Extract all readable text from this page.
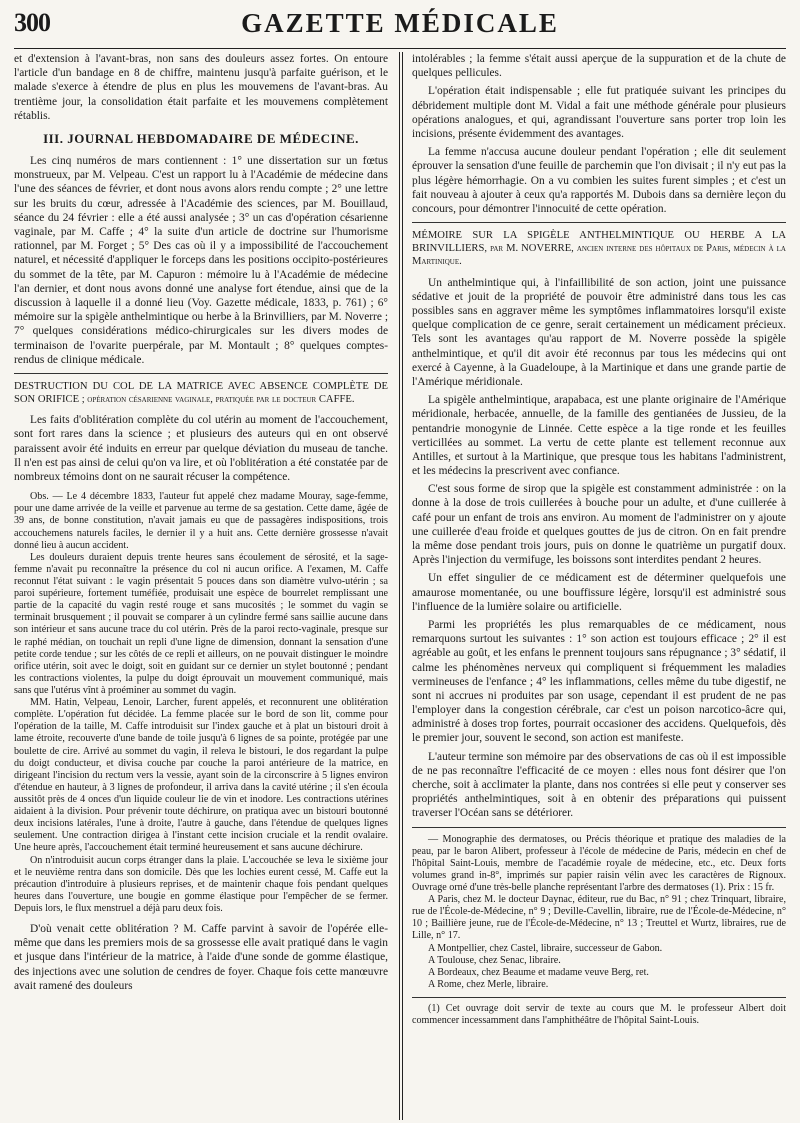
300	GAZETTE MÉDICALE

et d'extension à l'avant-bras, non sans des douleurs assez fortes. On entoure l'article d'un bandage en 8 de chiffre, maintenu jusqu'à parfaite guérison, et le malade s'exerce à étendre de plus en plus les mouvemens de l'avant-bras. Au trentième jour, la consolidation était parfaite et les mouvemens complètement rétablis.

III. JOURNAL HEBDOMADAIRE DE MÉDECINE.

Les cinq numéros de mars contiennent : 1° une dissertation sur un fœtus monstrueux, par M. Velpeau. C'est un rapport lu à l'Académie de médecine dans l'une des séances de février, et dont nous avons alors rendu compte ; 2° une lettre sur les bruits du cœur, adressée à l'Académie des sciences, par M. Bouillaud, séance du 24 février : elle a été aussi analysée ; 3° un cas d'opération césarienne vaginale, par M. Caffe ; 4° la suite d'un article de doctrine sur l'humorisme rationnel, par M. Forget ; 5° Des cas où il y a impossibilité de l'accouchement naturel, et nécessité d'appliquer le forceps dans les positions occipito-postérieures du sommet de la tête, par M. Capuron : mémoire lu à l'Académie de médecine l'an dernier, et dont nous avons donné une analyse fort étendue, ainsi que de la discussion à laquelle il a donné lieu (Voy. Gazette médicale, 1833, p. 761) ; 6° mémoire sur la spigèle anthelmintique ou herbe à la Brinvilliers, par M. Noverre ; 7° quelques considérations médico-chirurgicales sur les divers modes de terminaison de l'ovarite puerpérale, par M. Montault ; 8° quelques comptes-rendus de clinique médicale.

DESTRUCTION DU COL DE LA MATRICE AVEC ABSENCE COMPLÈTE DE SON ORIFICE ; opération césarienne vaginale, pratiquée par le docteur CAFFE.

Les faits d'oblitération complète du col utérin au moment de l'accouchement, sont fort rares dans la science ; et plusieurs des auteurs qui en ont observé paraissent avoir été induits en erreur par quelque déviation du museau de tanche. Il n'en est pas ainsi de celui qu'on va lire, et où l'oblitération a été constatée par de nombreux témoins dont on ne saurait récuser la compétence.

Obs. — Le 4 décembre 1833, l'auteur fut appelé chez madame Mouray, sage-femme, pour une dame arrivée de la veille et parvenue au terme de sa gestation. Cette dame, âgée de 39 ans, de bonne constitution, n'avait jamais eu que de passagères indispositions, trois accouchemens naturels faciles, le dernier il y a huit ans. Cette dernière grossesse n'avait donné lieu à aucun accident.

Les douleurs duraient depuis trente heures sans écoulement de sérosité, et la sage-femme n'avait pu reconnaître la présence du col ni aucun orifice. A l'examen, M. Caffe reconnut l'état suivant : le vagin présentait 5 pouces dans son diamètre vulvo-utérin ; sa paroi supérieure, fortement tuméfiée, produisait une espèce de bourrelet remplissant une partie de la capacité du vagin resté rouge et sans mucosités ; le sommet du vagin se terminait brusquement ; il pouvait se comparer à un cylindre fermé sans saillie aucune dans son intérieur et sans aucune trace du col utérin. Près de la paroi recto-vaginale, presque sur le raphé médian, on touchait un repli d'une ligne de dimension, donnant la sensation d'une petite corde tendue ; sur les côtés de ce repli et ailleurs, on ne pouvait distinguer le moindre orifice utérin, soit avec le doigt, soit en guidant sur ce dernier un stylet boutonné ; pendant les contractions violentes, la pulpe du doigt éprouvait un mouvement communiqué, mais sans que l'utérus vînt à proéminer au sommet du vagin.

MM. Hatin, Velpeau, Lenoir, Larcher, furent appelés, et reconnurent une oblitération complète. L'opération fut décidée. La femme placée sur le bord de son lit, comme pour l'opération de la taille, M. Caffe introduisit sur l'index gauche et à plat un bistouri droit à lame étroite, recouverte d'une bande de toile jusqu'à 6 lignes de sa pointe, protégée par une boulette de cire. Arrivé au sommet du vagin, il releva le bistouri, le dos regardant la pulpe du doigt conducteur, et divisa couche par couche la paroi antérieure de la matrice, en dirigeant l'incision du rectum vers la vessie, ayant soin de la circonscrire à 5 lignes environ d'étendue en hauteur, à 3 lignes de profondeur, il arriva dans la cavité utérine ; il s'en écoula aussitôt près de 4 onces d'un liquide couleur lie de vin et inodore. Les contractions utérines aidaient à la division. Pour prévenir toute déchirure, on pratiqua avec un bistouri boutonné deux incisions latérales, l'une à droite, l'autre à gauche, dans l'étendue de quelques lignes seulement. Une contraction dirigea à l'instant cette incision cruciale et la rendit ovalaire. Une heure après, l'accouchement était terminé heureusement et sans aucune déchirure.

On n'introduisit aucun corps étranger dans la plaie. L'accouchée se leva le sixième jour et le neuvième rentra dans son domicile. Dès que les lochies eurent cessé, M. Caffe eut la précaution d'introduire à plusieurs reprises, et de maintenir chaque fois pendant quelques heures dans l'ouverture, une bougie en gomme élastique pour l'empêcher de se fermer. Depuis lors, le flux menstruel a déjà paru deux fois.

D'où venait cette oblitération ? M. Caffe parvint à savoir de l'opérée elle-même que dans les premiers mois de sa grossesse elle avait pratiqué dans le vagin et jusque dans l'intérieur de la matrice, à l'aide d'une sonde de gomme élastique, des injections avec une solution de cendres de foyer. Chaque fois cette manœuvre avait ramené des douleurs

intolérables ; la femme s'était aussi aperçue de la suppuration et de la chute de quelques pellicules.

L'opération était indispensable ; elle fut pratiquée suivant les principes du débridement multiple dont M. Vidal a fait une méthode générale pour plusieurs opérations analogues, et qui, agrandissant l'ouverture sans porter trop loin les incisions, présente évidemment des avantages.

La femme n'accusa aucune douleur pendant l'opération ; elle dit seulement éprouver la sensation d'une feuille de parchemin que l'on divisait ; il n'y eut pas la plus légère hémorrhagie. On a vu combien les suites furent simples ; et c'est un fait nouveau à ajouter à ceux qu'a rapportés M. Dubois dans sa dernière leçon du concours, pour démontrer l'innocuité de cette opération.

MÉMOIRE SUR LA SPIGÈLE ANTHELMINTIQUE OU HERBE A LA BRINVILLIERS, par M. NOVERRE, ancien interne des hôpitaux de Paris, médecin à la Martinique.

Un anthelmintique qui, à l'infaillibilité de son action, joint une puissance sédative et jouit de la propriété de pouvoir être administré dans tous les cas possibles sans en aggraver même les symptômes inflammatoires lorsqu'il existe quelque complication de ce genre, serait certainement un médicament précieux. Tels sont les avantages qu'au rapport de M. Noverre possède la spigèle anthelmintique, et qu'il dit avoir été reconnus par tous les médecins qui ont exercé à Cayenne, à la Guadeloupe, à la Martinique et dans une grande partie de l'Amérique méridionale.

La spigèle anthelmintique, arapabaca, est une plante originaire de l'Amérique méridionale, herbacée, annuelle, de la famille des gentianées de Jussieu, de la pentandrie monogynie de Linnée. Cette espèce a la tige ronde et les feuilles verticillées au sommet. La vertu de cette plante est tellement reconnue aux Antilles, et surtout à la Martinique, que presque tous les habitans l'administrent, et les médecins la prescrivent avec confiance.

C'est sous forme de sirop que la spigèle est constamment administrée : on la donne à la dose de trois cuillerées à bouche pour un adulte, et d'une cuillerée à café pour un enfant de trois ans environ. Au moment de l'administrer on y ajoute une cuillerée d'eau froide et quelques gouttes de jus de citron. On en fait prendre la même dose pendant trois jours, puis on donne le quatrième un purgatif doux. Après l'injection du vermifuge, les boissons sont interdites pendant 2 heures.

Un effet singulier de ce médicament est de déterminer quelquefois une amaurose momentanée, ou une bouffissure légère, lorsqu'il est administré sous l'influence de la lumière solaire ou artificielle.

Parmi les propriétés les plus remarquables de ce médicament, nous remarquons surtout les suivantes : 1° son action est toujours efficace ; 2° il est agréable au goût, et les enfans le prennent toujours sans répugnance ; 3° sédatif, il calme les phénomènes nerveux qui compliquent si fréquemment les maladies vermineuses de l'enfance ; 4° les inflammations, celles même du tube digestif, ne sont ni accrues ni produites par son usage, cependant il est prudent de ne pas l'employer dans la congestion cérébrale, car c'est un poison narcotico-âcre qui, administré à doses trop fortes, pourrait occasioner des accidens. Quelquefois, dès le premier jour, souvent le second, son action est manifeste.

L'auteur termine son mémoire par des observations de cas où il est impossible de ne pas reconnaître l'efficacité de ce moyen : elles nous font désirer que l'on cherche, soit à acclimater la plante, dans nos contrées si elle peut y conserver ses propriétés anthelmintiques, soit à en obtenir des préparations qui puissent traverser l'Océan sans se détériorer.

— Monographie des dermatoses, ou Précis théorique et pratique des maladies de la peau, par le baron Alibert, professeur à l'école de médecine de Paris, médecin en chef de l'hôpital Saint-Louis, membre de l'académie royale de médecine, etc., etc. Deux forts volumes grand in-8°, imprimés sur papier raisin vélin avec les caractères de Rignoux. Ouvrage orné d'une très-belle planche représentant l'arbre des dermatoses (1). Prix : 15 fr.

A Paris, chez M. le docteur Daynac, éditeur, rue du Bac, n° 91 ; chez Trinquart, libraire, rue de l'École-de-Médecine, n° 9 ; Deville-Cavellin, libraire, rue de l'École-de-Médecine, n° 10 ; Baillière jeune, rue de l'École-de-Médecine, n° 13 ; Treuttel et Wurtz, libraires, rue de Lille, n° 17.

A Montpellier, chez Castel, libraire, successeur de Gabon.

A Toulouse, chez Senac, libraire.

A Bordeaux, chez Beaume et madame veuve Berg, ret.

A Rome, chez Merle, libraire.

(1) Cet ouvrage doit servir de texte au cours que M. le professeur Albert doit commencer incessamment dans l'amphithéâtre de l'hôpital Saint-Louis.
